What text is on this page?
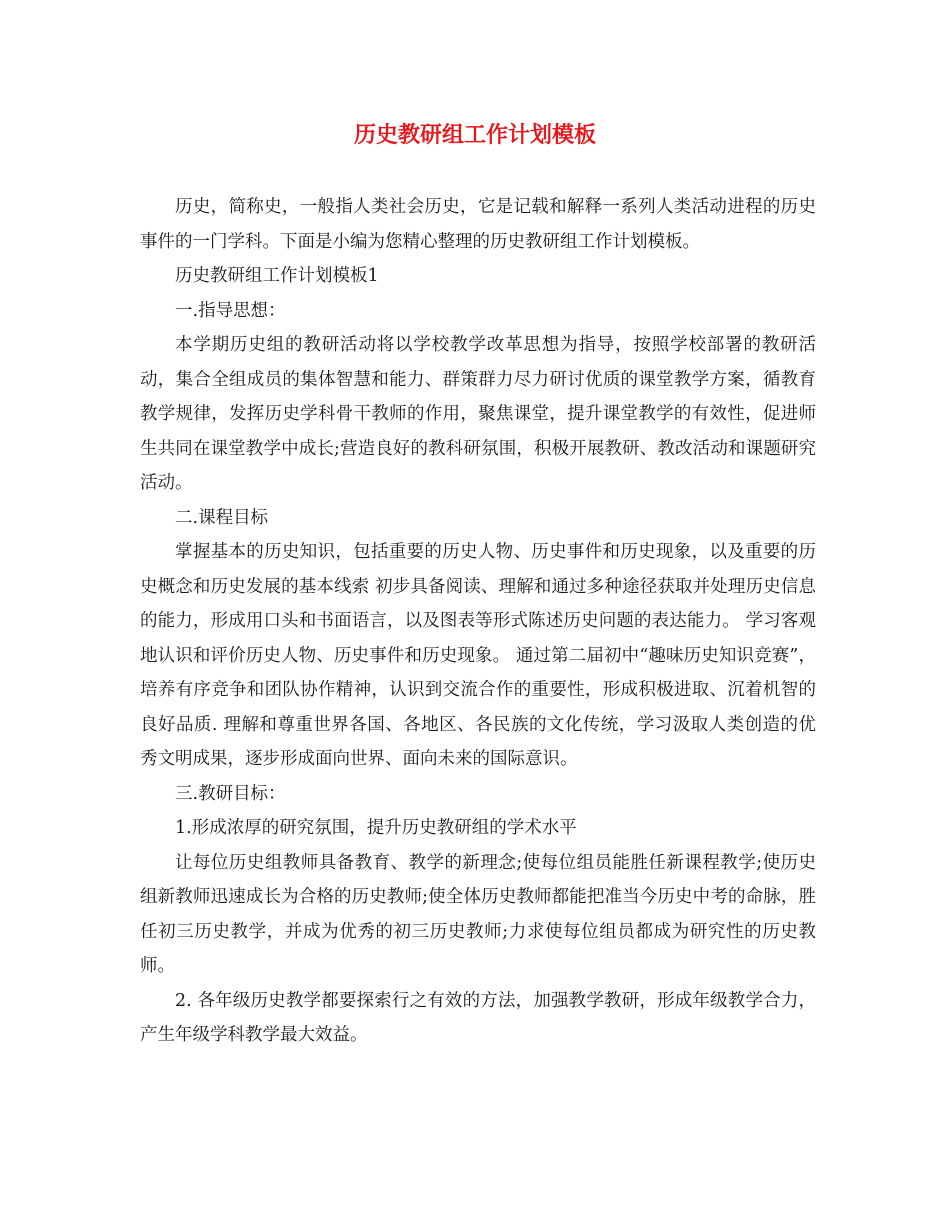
历史教研组工作计划模板

历史，简称史，一般指人类社会历史，它是记载和解释一系列人类活动进程的历史事件的一门学科。下面是小编为您精心整理的历史教研组工作计划模板。

历史教研组工作计划模板1

一.指导思想：

本学期历史组的教研活动将以学校教学改革思想为指导，按照学校部署的教研活动，集合全组成员的集体智慧和能力、群策群力尽力研讨优质的课堂教学方案，循教育教学规律，发挥历史学科骨干教师的作用，聚焦课堂，提升课堂教学的有效性，促进师生共同在课堂教学中成长;营造良好的教科研氛围，积极开展教研、教改活动和课题研究活动。

二.课程目标

掌握基本的历史知识，包括重要的历史人物、历史事件和历史现象，以及重要的历史概念和历史发展的基本线索 初步具备阅读、理解和通过多种途径获取并处理历史信息的能力，形成用口头和书面语言，以及图表等形式陈述历史问题的表达能力。 学习客观地认识和评价历史人物、历史事件和历史现象。 通过第二届初中“趣味历史知识竞赛”，培养有序竞争和团队协作精神，认识到交流合作的重要性，形成积极进取、沉着机智的良好品质. 理解和尊重世界各国、各地区、各民族的文化传统，学习汲取人类创造的优秀文明成果，逐步形成面向世界、面向未来的国际意识。

三.教研目标：

1.形成浓厚的研究氛围，提升历史教研组的学术水平

让每位历史组教师具备教育、教学的新理念;使每位组员能胜任新课程教学;使历史组新教师迅速成长为合格的历史教师;使全体历史教师都能把准当今历史中考的命脉，胜任初三历史教学，并成为优秀的初三历史教师;力求使每位组员都成为研究性的历史教师。

2. 各年级历史教学都要探索行之有效的方法，加强教学教研，形成年级教学合力，产生年级学科教学最大效益。
